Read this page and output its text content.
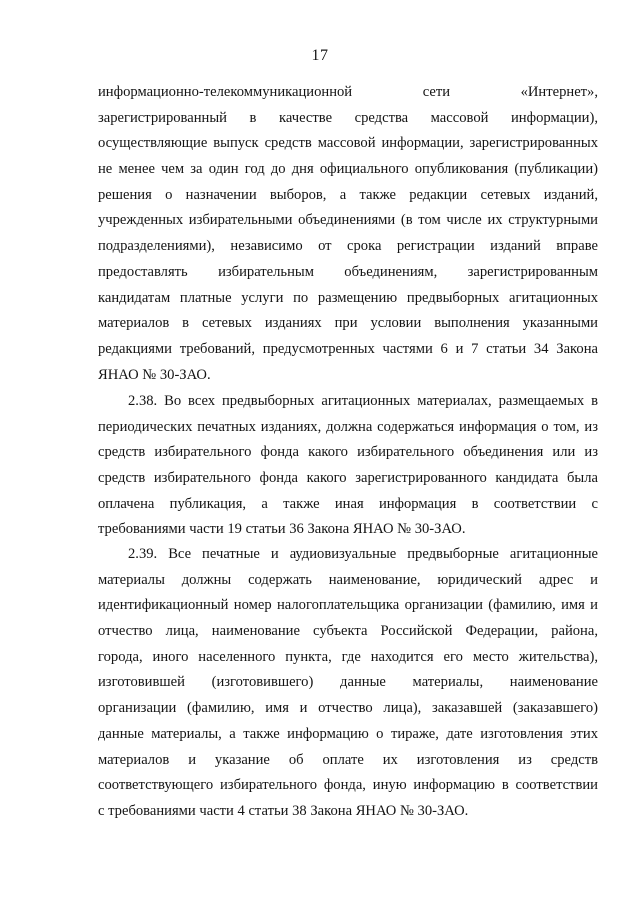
17
информационно-телекоммуникационной сети «Интернет»,
зарегистрированный в качестве средства массовой информации),
осуществляющие выпуск средств массовой информации, зарегистрированных
не менее чем за один год до дня официального опубликования (публикации)
решения о назначении выборов, а также редакции сетевых изданий,
учрежденных избирательными объединениями (в том числе их структурными
подразделениями), независимо от срока регистрации изданий вправе
предоставлять избирательным объединениям, зарегистрированным
кандидатам платные услуги по размещению предвыборных агитационных
материалов в сетевых изданиях при условии выполнения указанными
редакциями требований, предусмотренных частями 6 и 7 статьи 34 Закона
ЯНАО № 30-ЗАО.
2.38. Во всех предвыборных агитационных материалах, размещаемых в
периодических печатных изданиях, должна содержаться информация о том, из
средств избирательного фонда какого избирательного объединения или из
средств избирательного фонда какого зарегистрированного кандидата была
оплачена публикация, а также иная информация в соответствии с
требованиями части 19 статьи 36 Закона ЯНАО № 30-ЗАО.
2.39. Все печатные и аудиовизуальные предвыборные агитационные
материалы должны содержать наименование, юридический адрес и
идентификационный номер налогоплательщика организации (фамилию, имя и
отчество лица, наименование субъекта Российской Федерации, района,
города, иного населенного пункта, где находится его место жительства),
изготовившей (изготовившего) данные материалы, наименование
организации (фамилию, имя и отчество лица), заказавшей (заказавшего)
данные материалы, а также информацию о тираже, дате изготовления этих
материалов и указание об оплате их изготовления из средств
соответствующего избирательного фонда, иную информацию в соответствии
с требованиями части 4 статьи 38 Закона ЯНАО № 30-ЗАО.
